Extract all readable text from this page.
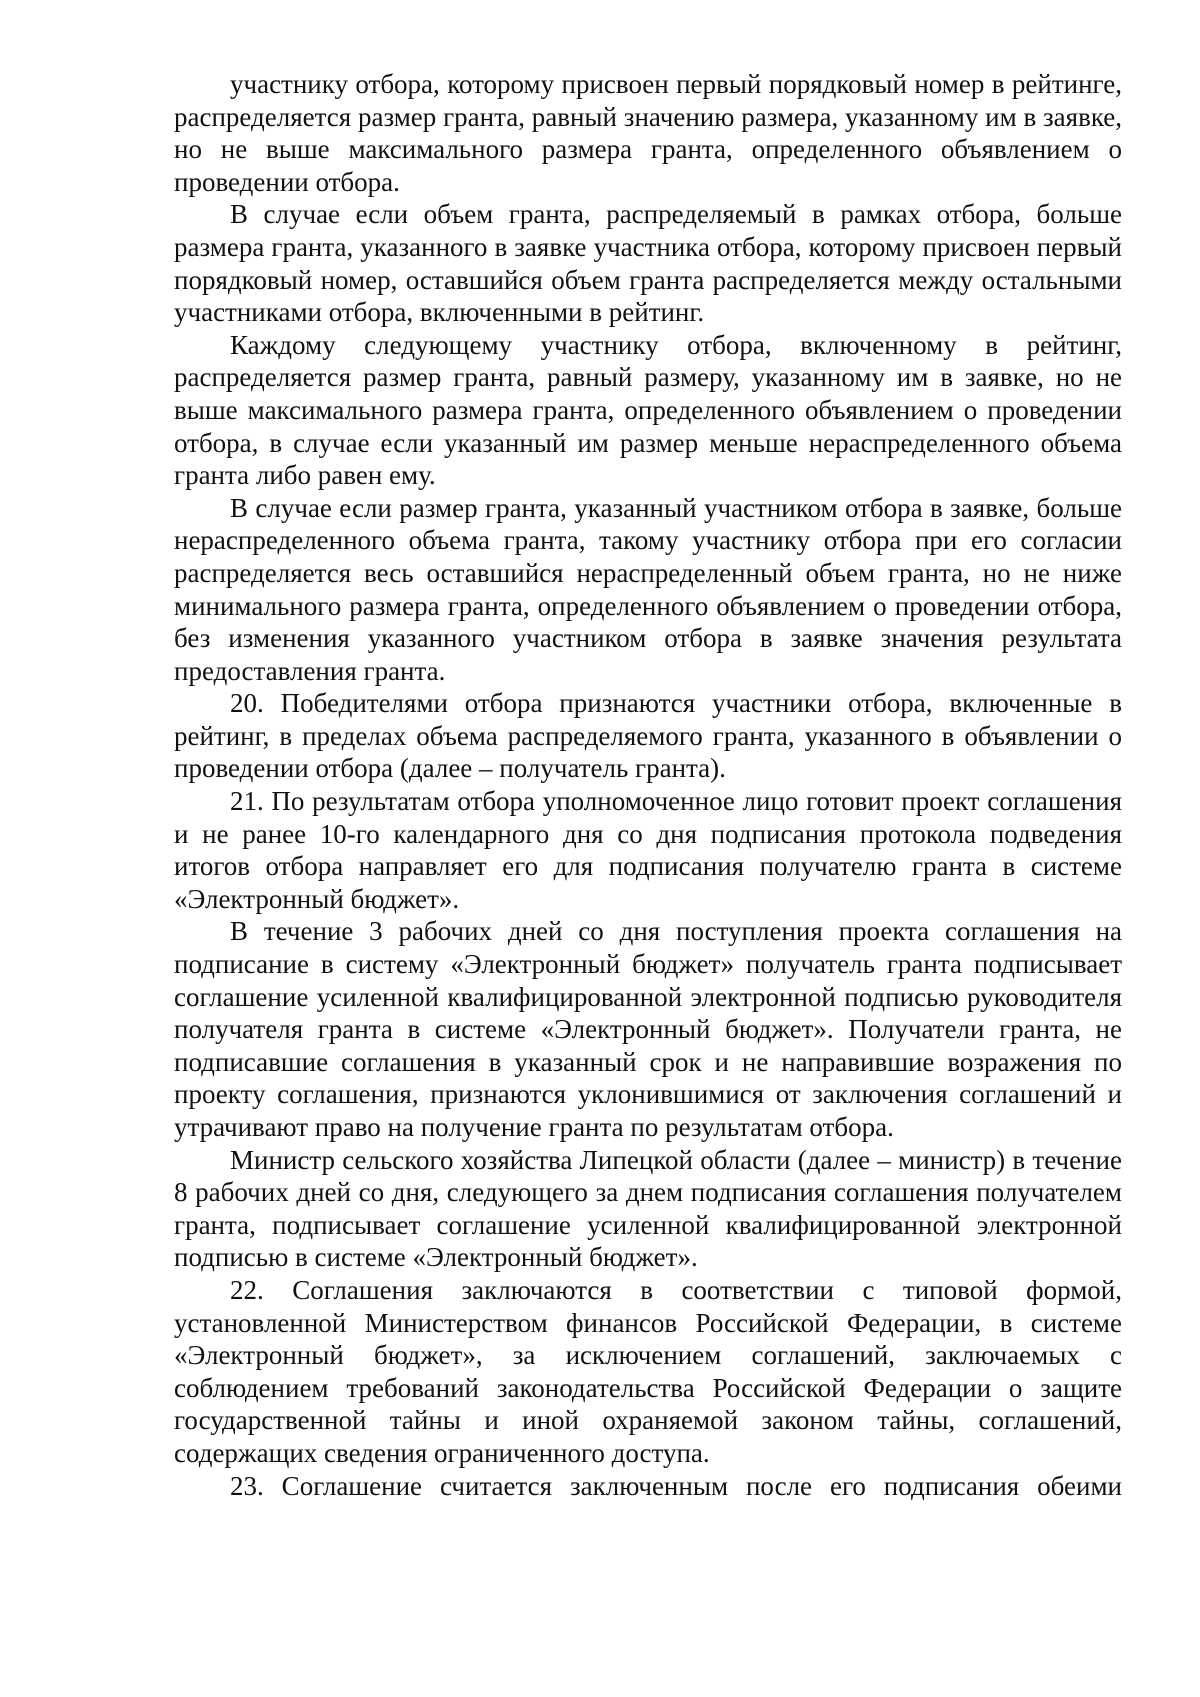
участнику отбора, которому присвоен первый порядковый номер в рейтинге, распределяется размер гранта, равный значению размера, указанному им в заявке, но не выше максимального размера гранта, определенного объявлением о проведении отбора.

В случае если объем гранта, распределяемый в рамках отбора, больше размера гранта, указанного в заявке участника отбора, которому присвоен первый порядковый номер, оставшийся объем гранта распределяется между остальными участниками отбора, включенными в рейтинг.

Каждому следующему участнику отбора, включенному в рейтинг, распределяется размер гранта, равный размеру, указанному им в заявке, но не выше максимального размера гранта, определенного объявлением о проведении отбора, в случае если указанный им размер меньше нераспределенного объема гранта либо равен ему.

В случае если размер гранта, указанный участником отбора в заявке, больше нераспределенного объема гранта, такому участнику отбора при его согласии распределяется весь оставшийся нераспределенный объем гранта, но не ниже минимального размера гранта, определенного объявлением о проведении отбора, без изменения указанного участником отбора в заявке значения результата предоставления гранта.

20. Победителями отбора признаются участники отбора, включенные в рейтинг, в пределах объема распределяемого гранта, указанного в объявлении о проведении отбора (далее – получатель гранта).

21. По результатам отбора уполномоченное лицо готовит проект соглашения и не ранее 10-го календарного дня со дня подписания протокола подведения итогов отбора направляет его для подписания получателю гранта в системе «Электронный бюджет».

В течение 3 рабочих дней со дня поступления проекта соглашения на подписание в систему «Электронный бюджет» получатель гранта подписывает соглашение усиленной квалифицированной электронной подписью руководителя получателя гранта в системе «Электронный бюджет». Получатели гранта, не подписавшие соглашения в указанный срок и не направившие возражения по проекту соглашения, признаются уклонившимися от заключения соглашений и утрачивают право на получение гранта по результатам отбора.

Министр сельского хозяйства Липецкой области (далее – министр) в течение 8 рабочих дней со дня, следующего за днем подписания соглашения получателем гранта, подписывает соглашение усиленной квалифицированной электронной подписью в системе «Электронный бюджет».

22. Соглашения заключаются в соответствии с типовой формой, установленной Министерством финансов Российской Федерации, в системе «Электронный бюджет», за исключением соглашений, заключаемых с соблюдением требований законодательства Российской Федерации о защите государственной тайны и иной охраняемой законом тайны, соглашений, содержащих сведения ограниченного доступа.

23. Соглашение считается заключенным после его подписания обеими
